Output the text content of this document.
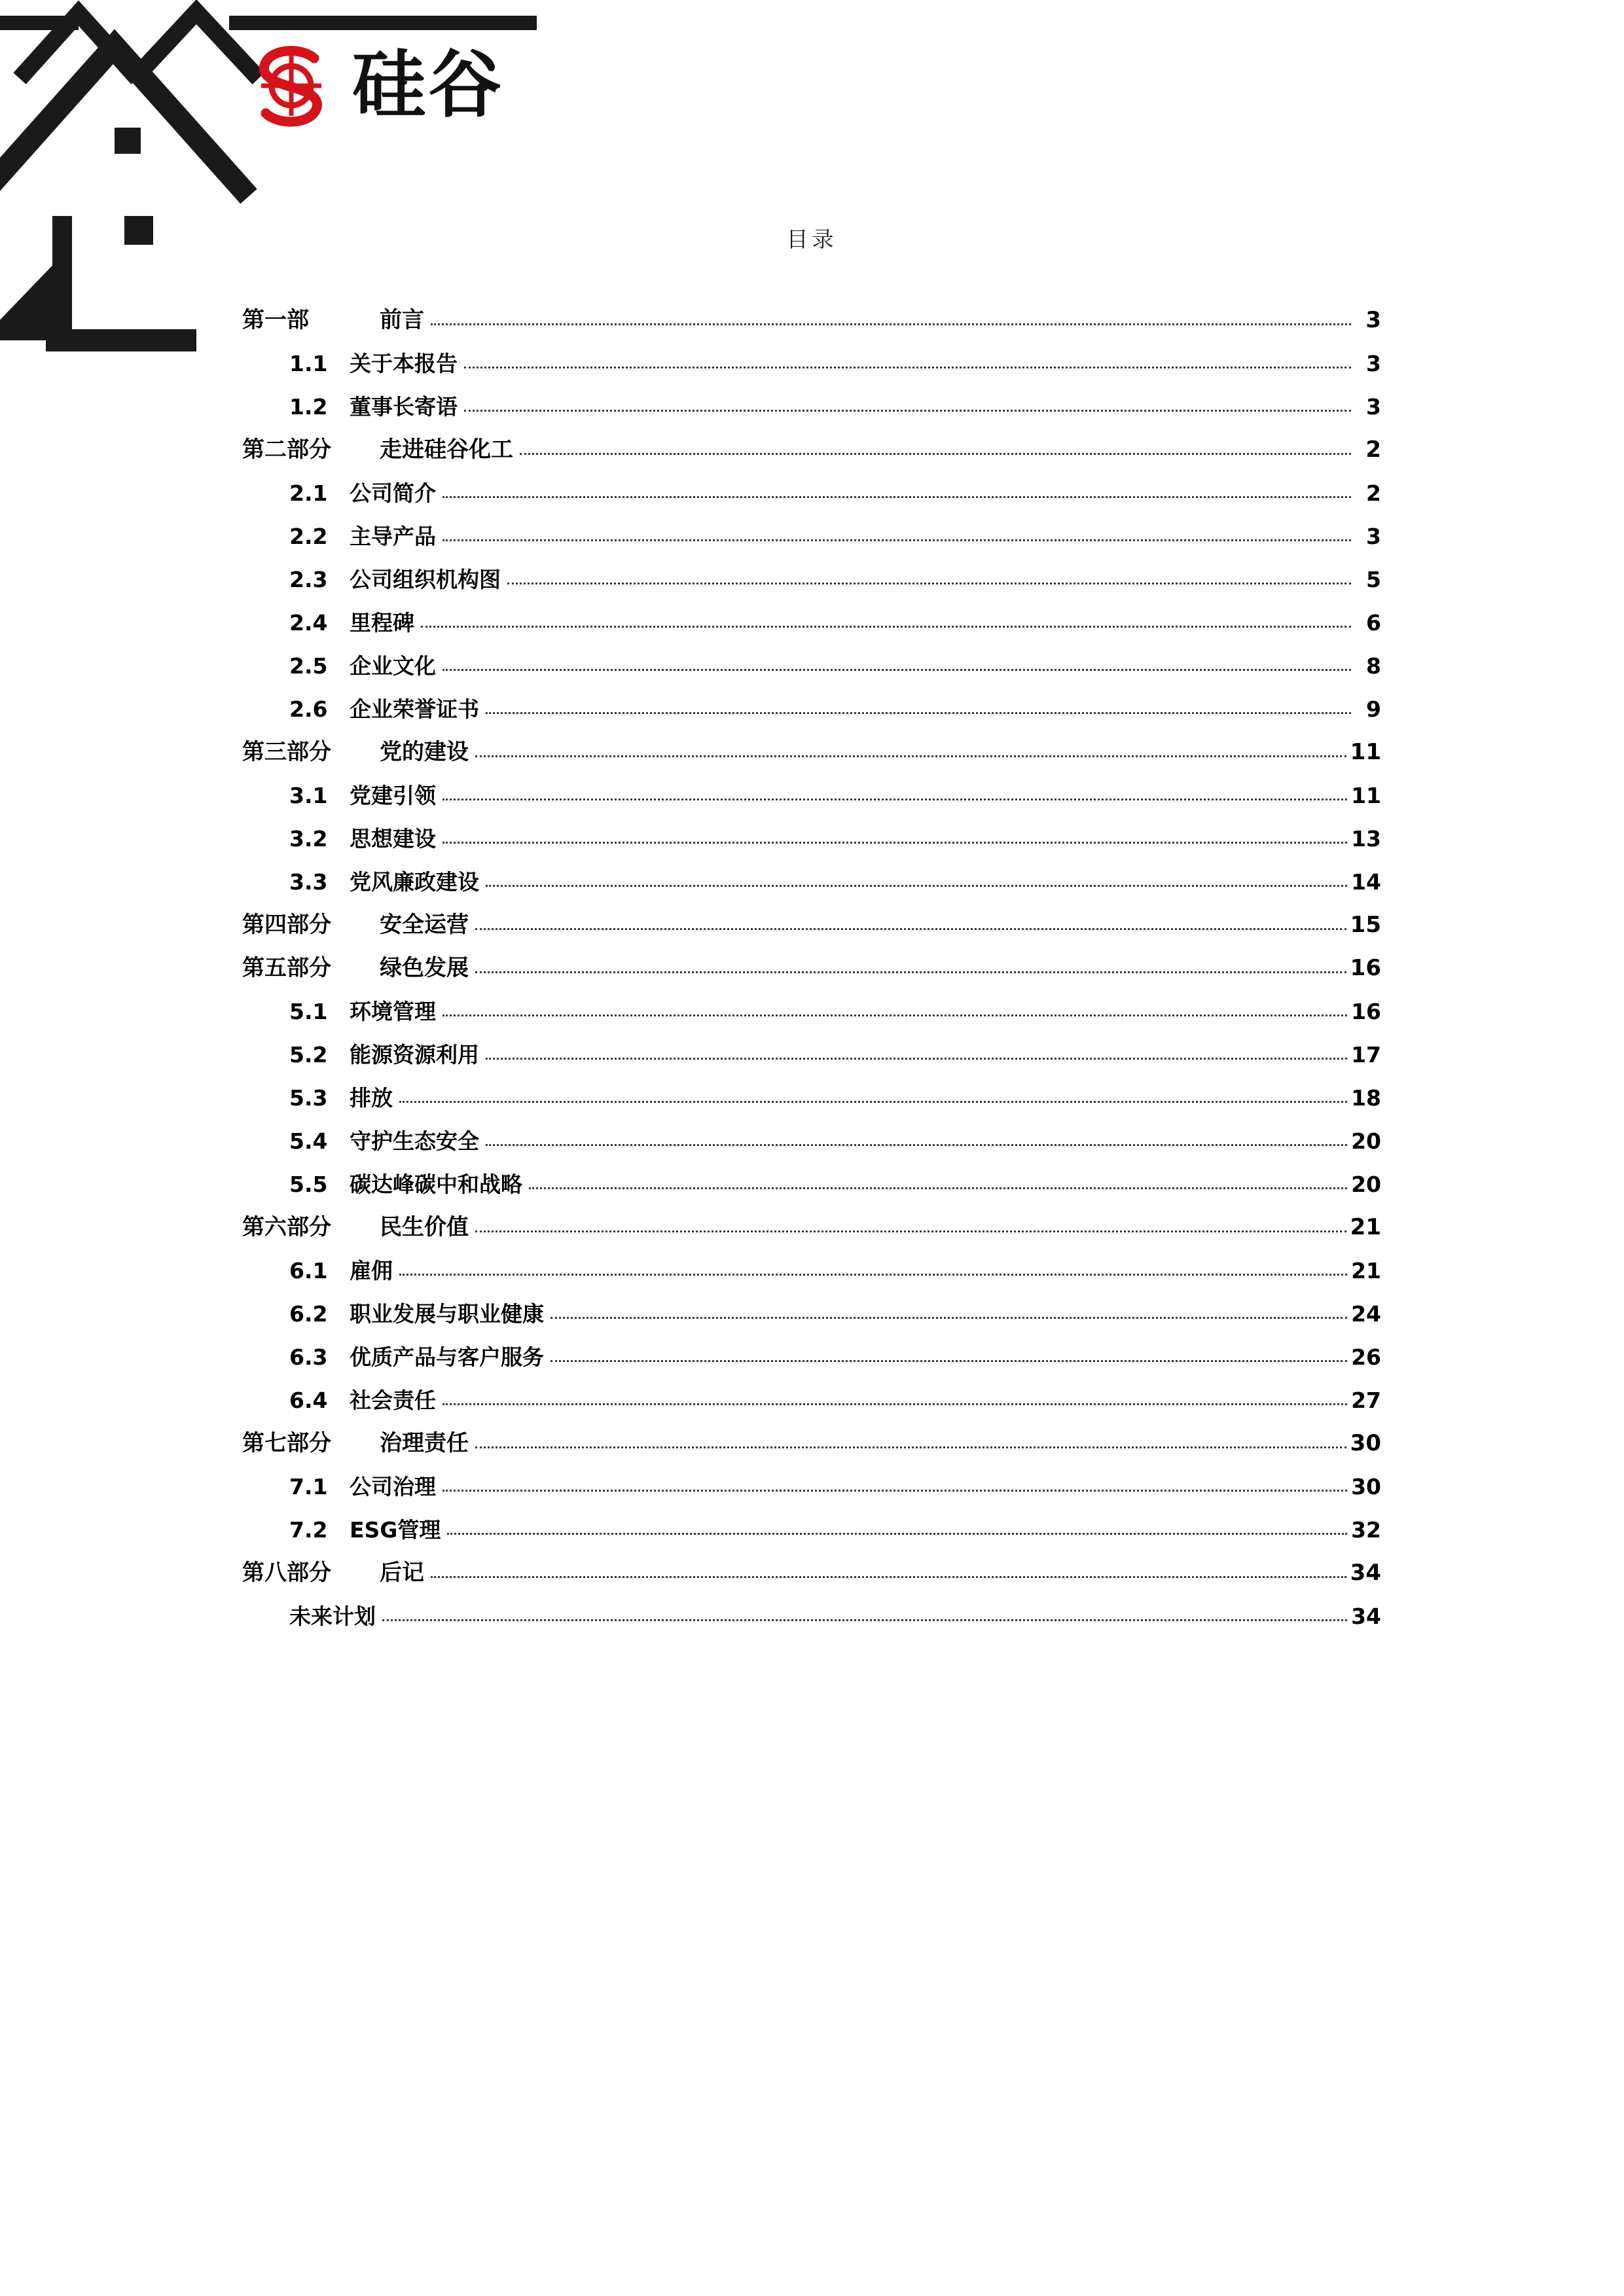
硅谷
目录
第一部	前言	3
1.1	关于本报告	3
1.2	董事长寄语	3
第二部分	走进硅谷化工	2
2.1	公司简介	2
2.2	主导产品	3
2.3	公司组织机构图	5
2.4	里程碑	6
2.5	企业文化	8
2.6	企业荣誉证书	9
第三部分	党的建设	11
3.1	党建引领	11
3.2	思想建设	13
3.3	党风廉政建设	14
第四部分	安全运营	15
第五部分	绿色发展	16
5.1	环境管理	16
5.2	能源资源利用	17
5.3	排放	18
5.4	守护生态安全	20
5.5	碳达峰碳中和战略	20
第六部分	民生价值	21
6.1	雇佣	21
6.2	职业发展与职业健康	24
6.3	优质产品与客户服务	26
6.4	社会责任	27
第七部分	治理责任	30
7.1	公司治理	30
7.2	ESG管理	32
第八部分	后记	34
未来计划	34
